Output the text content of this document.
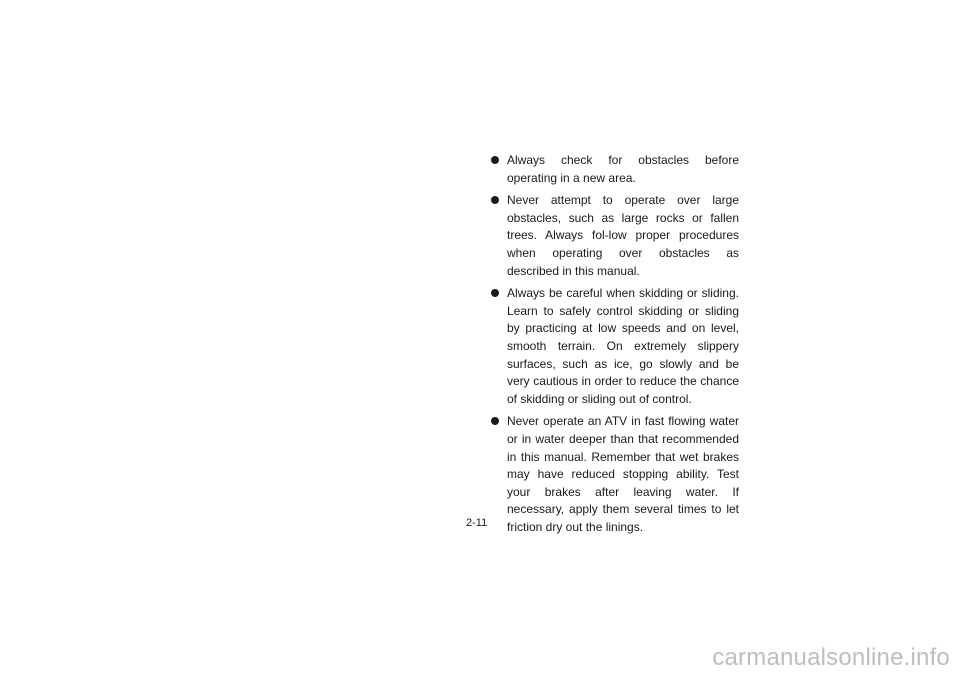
Always check for obstacles before operating in a new area.
Never attempt to operate over large obstacles, such as large rocks or fallen trees. Always fol-low proper procedures when operating over obstacles as described in this manual.
Always be careful when skidding or sliding. Learn to safely control skidding or sliding by practicing at low speeds and on level, smooth terrain. On extremely slippery surfaces, such as ice, go slowly and be very cautious in order to reduce the chance of skidding or sliding out of control.
Never operate an ATV in fast flowing water or in water deeper than that recommended in this manual. Remember that wet brakes may have reduced stopping ability. Test your brakes after leaving water. If necessary, apply them several times to let friction dry out the linings.
2-11
carmanualsonline.info
